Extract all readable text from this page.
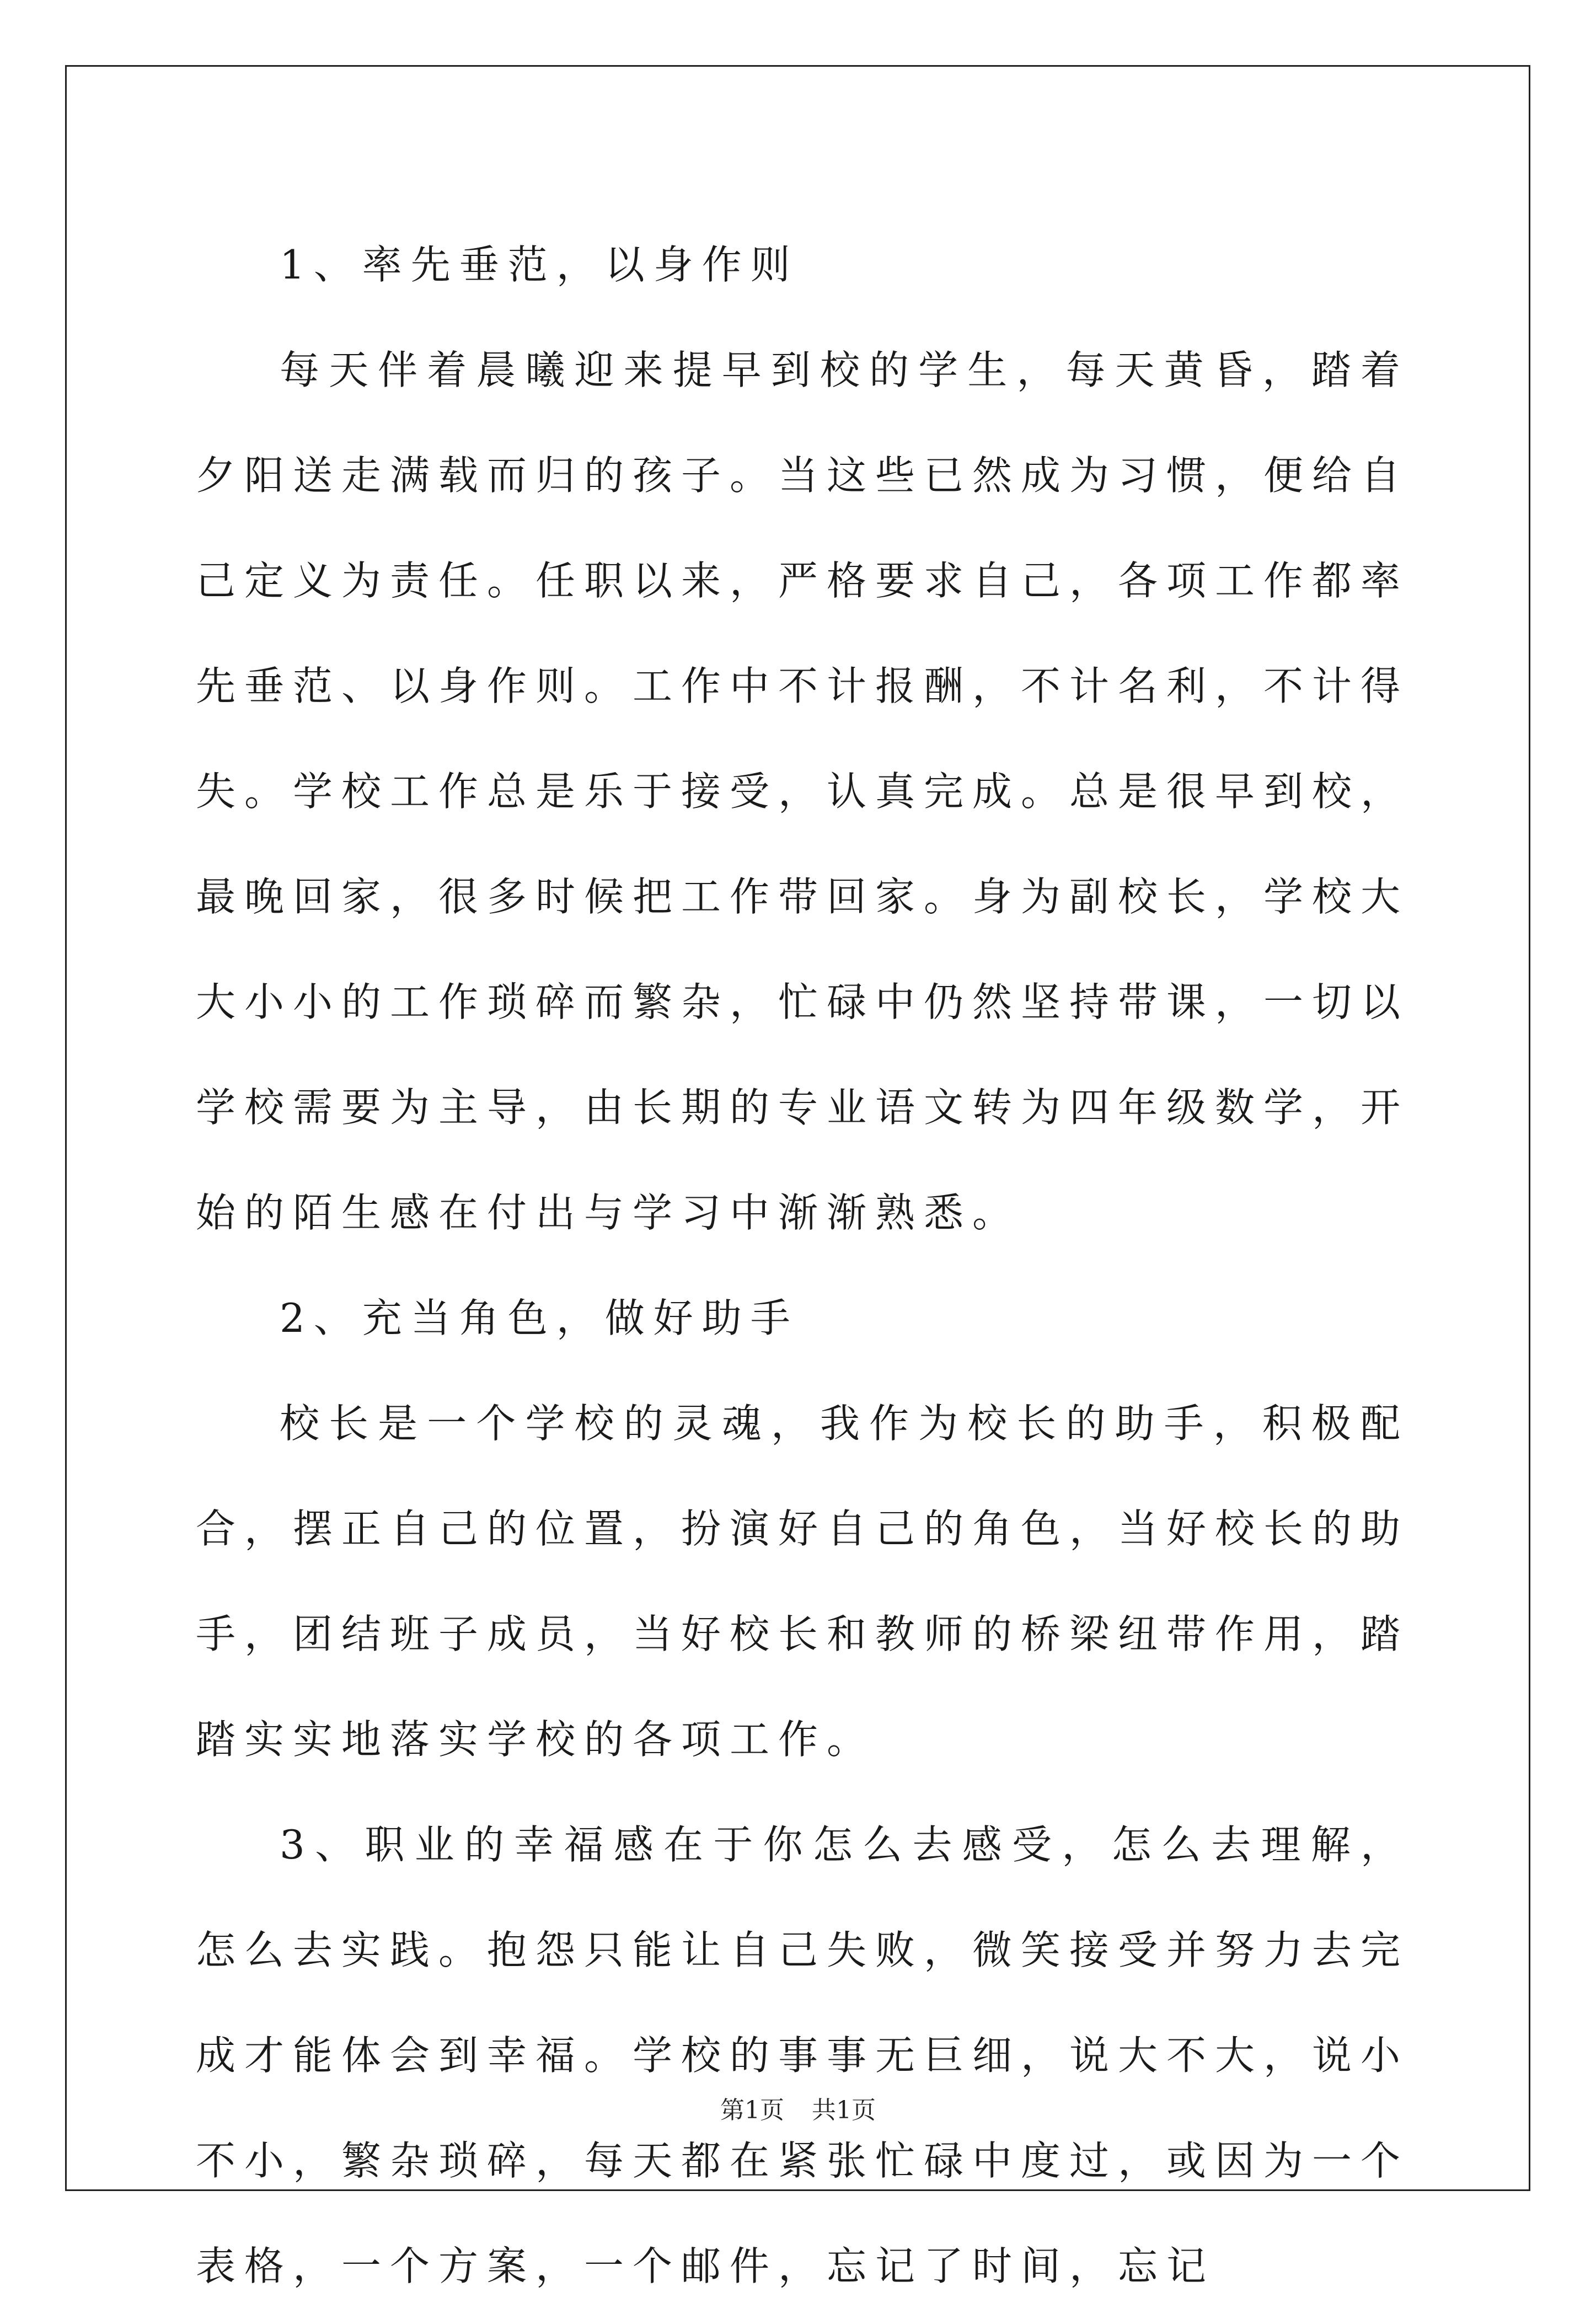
1、率先垂范，以身作则

每天伴着晨曦迎来提早到校的学生，每天黄昏，踏着夕阳送走满载而归的孩子。当这些已然成为习惯，便给自己定义为责任。任职以来，严格要求自己，各项工作都率先垂范、以身作则。工作中不计报酬，不计名利，不计得失。学校工作总是乐于接受，认真完成。总是很早到校，最晚回家，很多时候把工作带回家。身为副校长，学校大大小小的工作琐碎而繁杂，忙碌中仍然坚持带课，一切以学校需要为主导，由长期的专业语文转为四年级数学，开始的陌生感在付出与学习中渐渐熟悉。

2、充当角色，做好助手

校长是一个学校的灵魂，我作为校长的助手，积极配合，摆正自己的位置，扮演好自己的角色，当好校长的助手，团结班子成员，当好校长和教师的桥梁纽带作用，踏踏实实地落实学校的各项工作。

3、职业的幸福感在于你怎么去感受，怎么去理解，怎么去实践。抱怨只能让自己失败，微笑接受并努力去完成才能体会到幸福。学校的事事无巨细，说大不大，说小不小，繁杂琐碎，每天都在紧张忙碌中度过，或因为一个表格，一个方案，一个邮件，忘记了时间，忘记

第1页 共1页
